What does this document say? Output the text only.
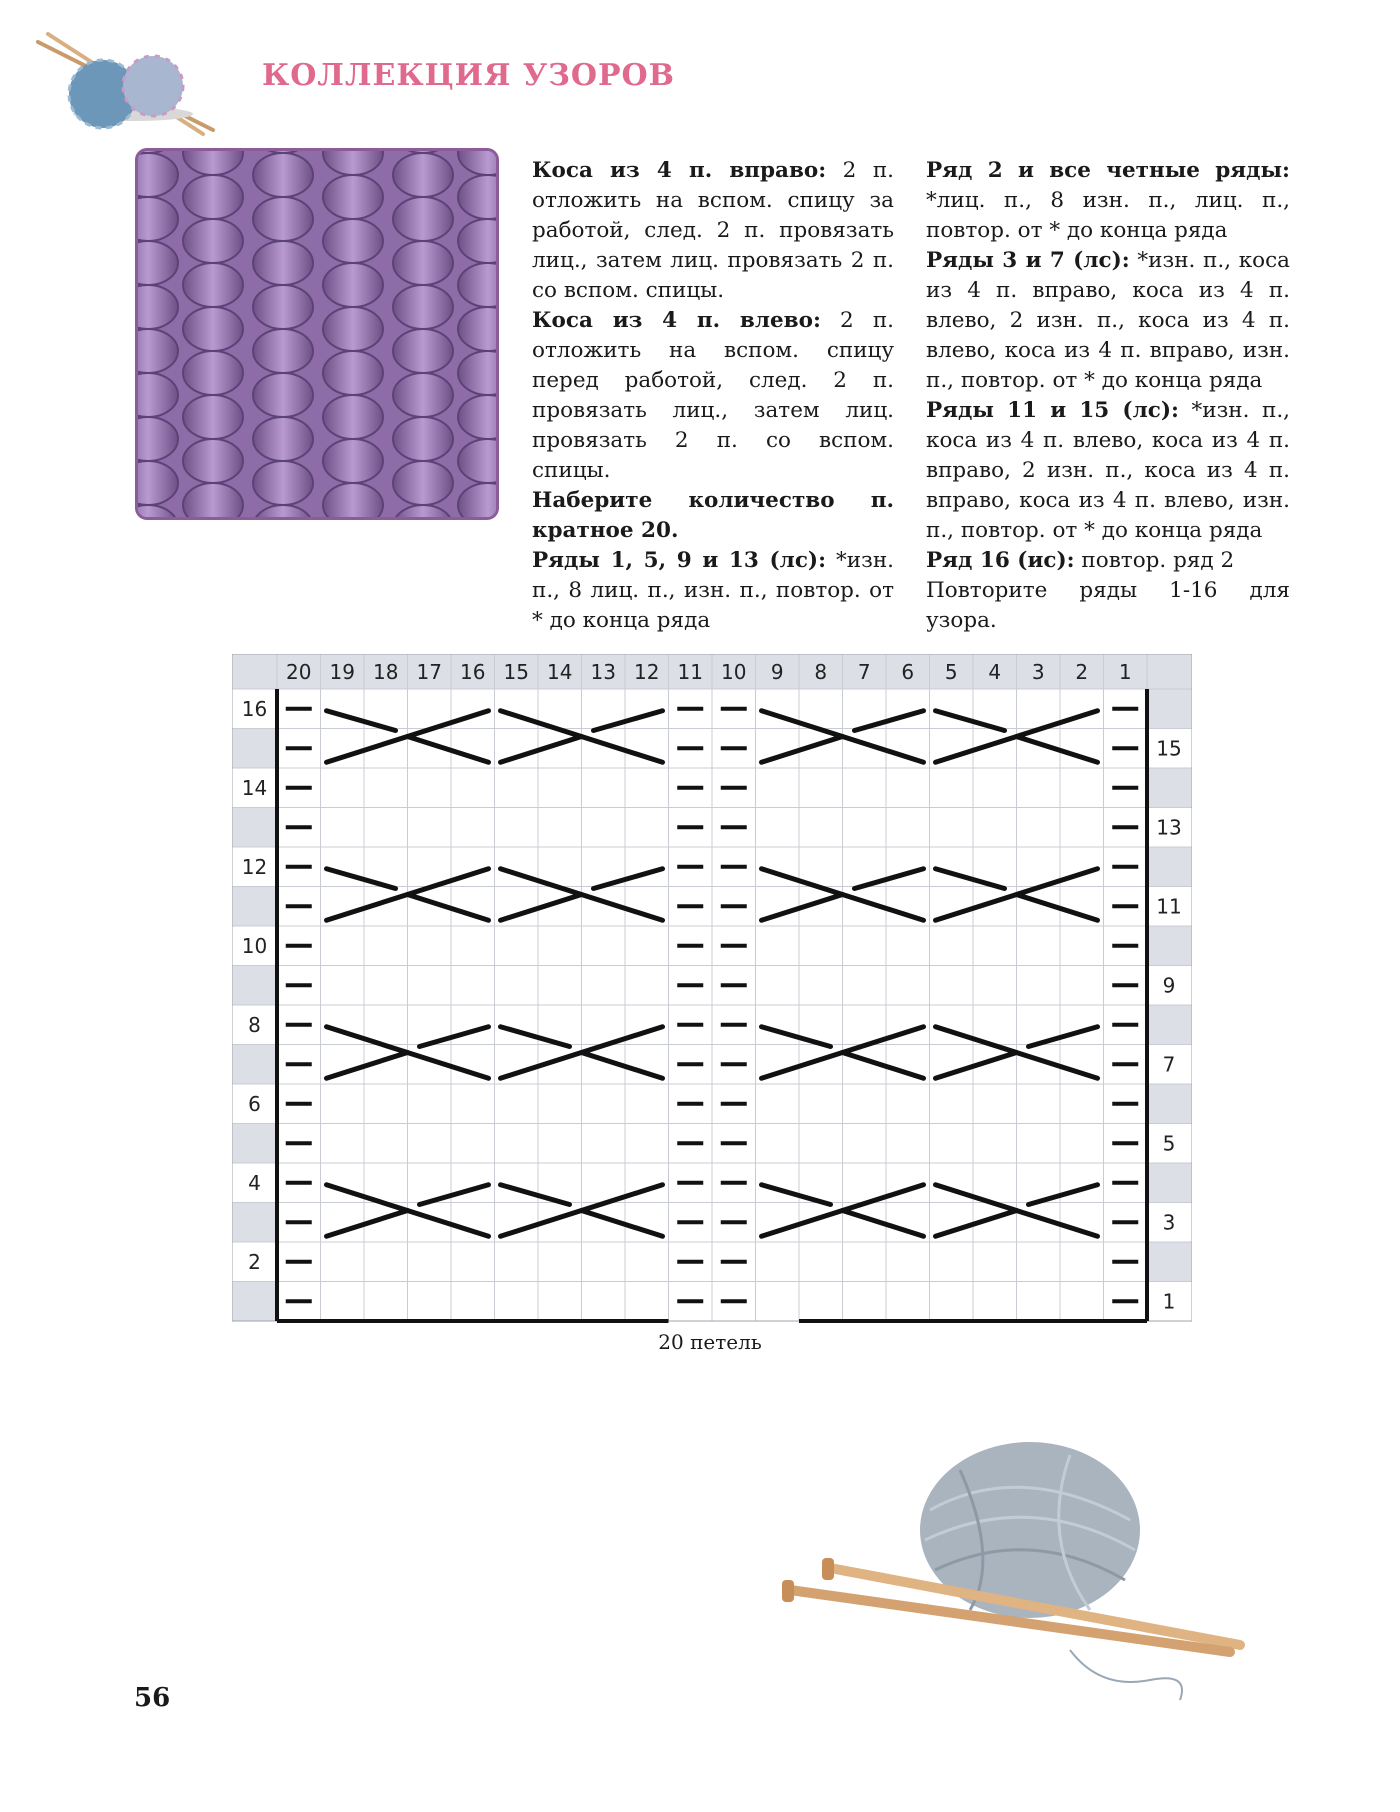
КОЛЛЕКЦИЯ УЗОРОВ

Коса из 4 п. вправо: 2 п. отложить на вспом. спицу за работой, след. 2 п. провязать лиц., затем лиц. провязать 2 п. со вспом. спицы.

Коса из 4 п. влево: 2 п. отложить на вспом. спицу перед работой, след. 2 п. провязать лиц., затем лиц. провязать 2 п. со вспом. спицы.

Наберите количество п. кратное 20.

Ряды 1, 5, 9 и 13 (лс): *изн. п., 8 лиц. п., изн. п., повтор. от * до конца ряда

Ряд 2 и все четные ряды: *лиц. п., 8 изн. п., лиц. п., повтор. от * до конца ряда

Ряды 3 и 7 (лс): *изн. п., коса из 4 п. вправо, коса из 4 п. влево, 2 изн. п., коса из 4 п. влево, коса из 4 п. вправо, изн. п., повтор. от * до конца ряда

Ряды 11 и 15 (лс): *изн. п., коса из 4 п. влево, коса из 4 п. вправо, 2 изн. п., коса из 4 п. вправо, коса из 4 п. влево, изн. п., повтор. от * до конца ряда

Ряд 16 (ис): повтор. ряд 2

Повторите ряды 1-16 для узора.

20 19 18 17 16 15 14 13 12 11 10 9 8 7 6 5 4 3 2 1
16
14
12
10
8
6
4
2
15
13
11
9
7
5
3
1
20 петель
56
